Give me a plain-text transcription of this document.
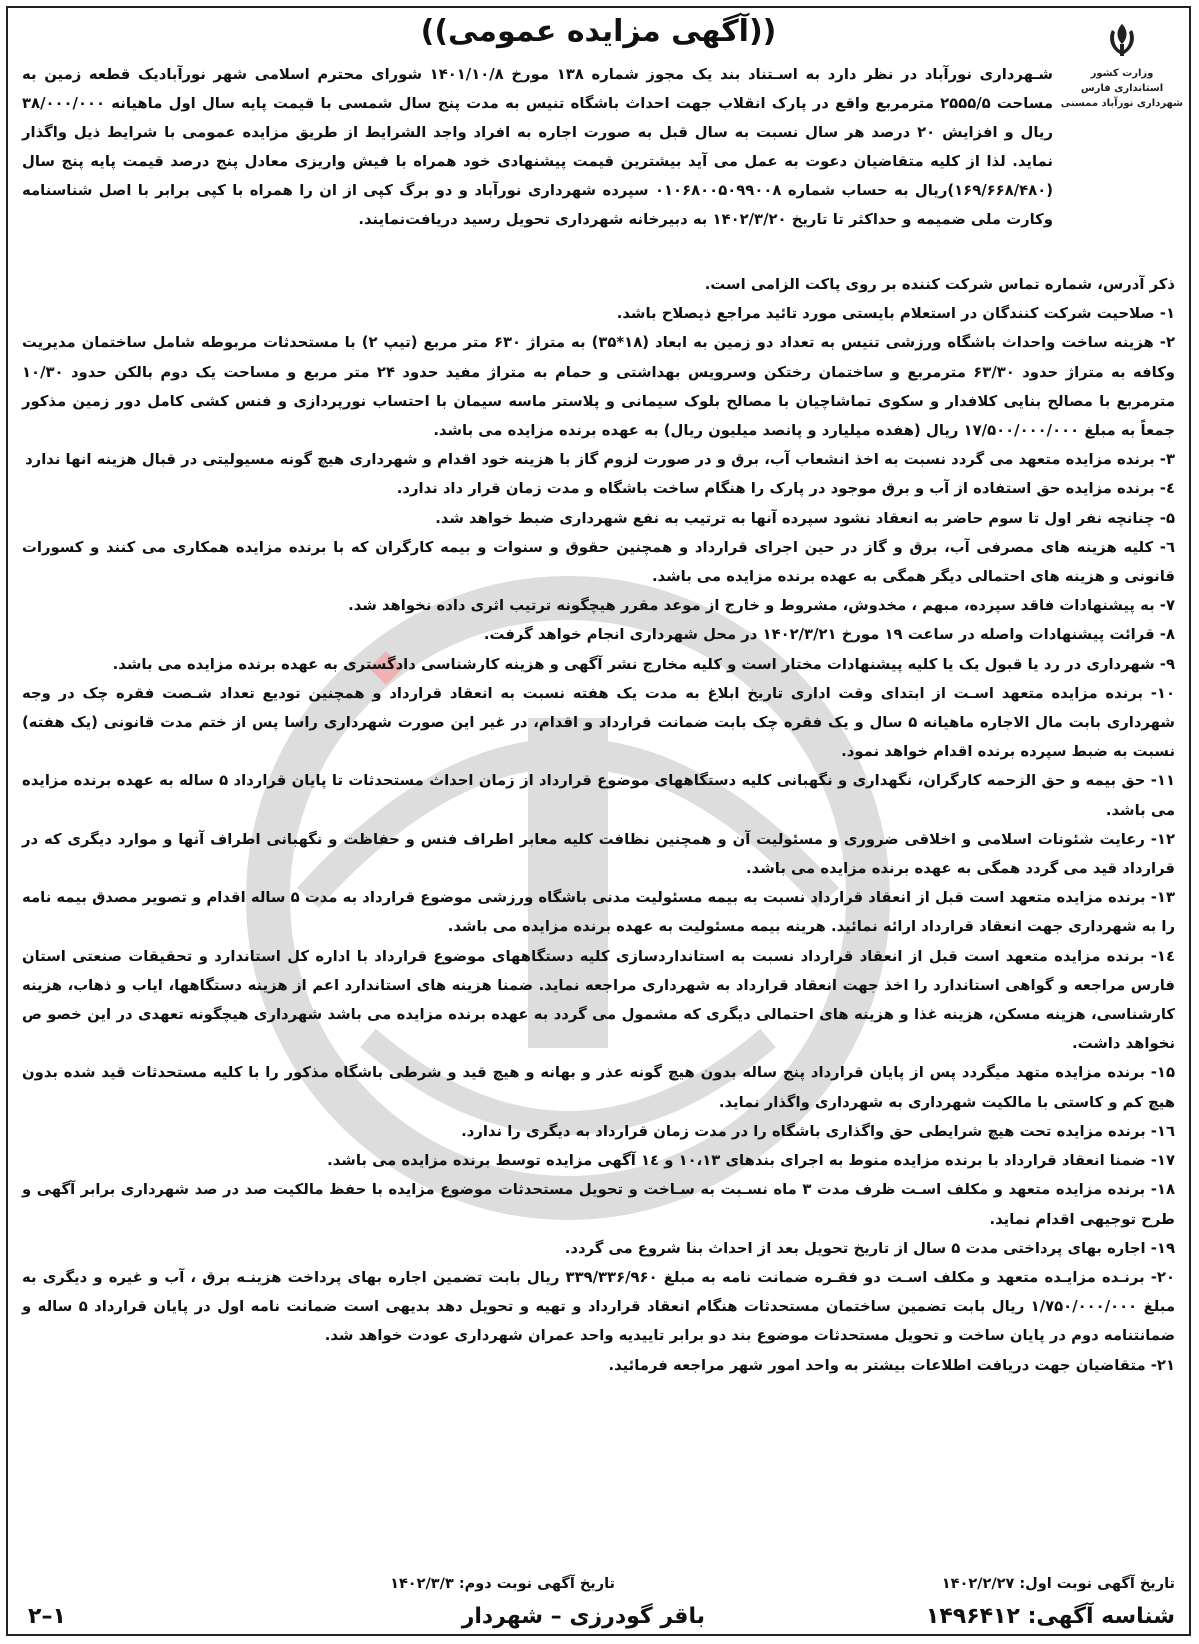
وزارت کشور
استانداری فارس
شهرداری نورآباد ممسنی
((آگهی مزایده عمومی))

شـهرداری نورآباد در نظر دارد به اسـتناد بند یک مجوز شماره ۱۳۸ مورخ ۱۴۰۱/۱۰/۸ شورای محترم اسلامی شهر نورآبادیک قطعه زمین به مساحت ۲۵۵۵/۵ مترمربع واقع در پارک انقلاب جهت احداث باشگاه تنیس به مدت پنج سال شمسی با قیمت پایه سال اول ماهیانه ۳۸/۰۰۰/۰۰۰ ریال و افزایش ۲۰ درصد هر سال نسبت به سال قبل به صورت اجاره به افراد واجد الشرایط از طریق مزایده عمومی با شرایط ذیل واگذار نماید. لذا از کلیه متقاضیان دعوت به عمل می آید بیشترین قیمت پیشنهادی خود همراه با فیش واریزی معادل پنج درصد قیمت پایه پنج سال (۱۶۹/۶۶۸/۴۸۰)ریال به حساب شماره ۰۱۰۶۸۰۰۵۰۹۹۰۰۸ سپرده شهرداری نورآباد و دو برگ کپی از ان را همراه با کپی برابر با اصل شناسنامه وکارت ملی ضمیمه و حداکثر تا تاریخ ۱۴۰۲/۳/۲۰ به دبیرخانه شهرداری تحویل رسید دریافت‌نمایند.

ذکر آدرس، شماره تماس شرکت کننده بر روی پاکت الزامی است.

۱- صلاحیت شرکت کنندگان در استعلام بایستی مورد تائید مراجع ذیصلاح باشد.

۲- هزینه ساخت واحداث باشگاه ورزشی تنیس به تعداد دو زمین به ابعاد (۱۸*۳۵) به متراژ ۶۳۰ متر مربع (تیپ ۲) با مستحدثات مربوطه شامل ساختمان مدیریت وکافه به متراژ حدود ۶۳/۳۰ مترمربع و ساختمان رختکن وسرویس بهداشتی و حمام به متراژ مفید حدود ۲۴ متر مربع و مساحت یک دوم بالکن حدود ۱۰/۳۰ مترمربع با مصالح بنایی کلافدار و سکوی تماشاچیان با مصالح بلوک سیمانی و پلاستر ماسه سیمان با احتساب نورپردازی و فنس کشی کامل دور زمین مذکور جمعاً به مبلغ ۱۷/۵۰۰/۰۰۰/۰۰۰ ریال (هفده میلیارد و پانصد میلیون ریال) به عهده برنده مزایده می باشد.

۳- برنده مزایده متعهد می گردد نسبت به اخذ انشعاب آب، برق و در صورت لزوم گاز با هزینه خود اقدام و شهرداری هیچ گونه مسیولیتی در قبال هزینه انها ندارد

٤- برنده مزایده حق استفاده از آب و برق موجود در پارک را هنگام ساخت باشگاه و مدت زمان قرار داد ندارد.

۵- چنانچه نفر اول تا سوم حاضر به انعقاد نشود سپرده آنها به ترتیب به نفع شهرداری ضبط خواهد شد.

٦- کلیه هزینه های مصرفی آب، برق و گاز در حین اجرای قرارداد و همچنین حقوق و سنوات و بیمه کارگران که با برنده مزایده همکاری می کنند و کسورات قانونی و هزینه های احتمالی دیگر همگی به عهده برنده مزایده می باشد.

۷- به پیشنهادات فاقد سپرده، مبهم ، مخدوش، مشروط و خارج از موعد مقرر هیچگونه ترتیب اثری داده نخواهد شد.

۸- قرائت پیشنهادات واصله در ساعت ۱۹ مورخ ۱۴۰۲/۳/۲۱ در محل شهرداری انجام خواهد گرفت.

۹- شهرداری در رد یا قبول یک یا کلیه پیشنهادات مختار است و کلیه مخارج نشر آگهی و هزینه کارشناسی دادگستری به عهده برنده مزایده می باشد.

۱۰- برنده مزایده متعهد اسـت از ابتدای وقت اداری تاریخ ابلاغ به مدت یک هفته نسبت به انعقاد قرارداد و همچنین توديع تعداد شـصت فقره چک در وجه شهرداری بابت مال الاجاره ماهیانه ۵ سال و یک فقره چک بابت ضمانت قرارداد و اقدام، در غیر این صورت شهرداری راسا پس از ختم مدت قانونی (یک هفته) نسبت به ضبط سپرده برنده اقدام خواهد نمود.

۱۱- حق بیمه و حق الزحمه کارگران، نگهداری و نگهبانی کلیه دستگاههای موضوع قرارداد از زمان احداث مستحدثات تا پایان قرارداد ۵ ساله به عهده برنده مزایده می باشد.

۱۲- رعایت شئونات اسلامی و اخلاقی ضروری و مسئولیت آن و همچنین نظافت کلیه معابر اطراف فنس و حفاظت و نگهبانی اطراف آنها و موارد دیگری که در قرارداد قید می گردد همگی به عهده برنده مزایده می باشد.

۱۳- برنده مزایده متعهد است قبل از انعقاد قرارداد نسبت به بیمه مسئولیت مدنی باشگاه ورزشی موضوع قرارداد به مدت ۵ ساله اقدام و تصویر مصدق بیمه نامه را به شهرداری جهت انعقاد قرارداد ارائه نمائید. هرینه بیمه مسئولیت به عهده برنده مزایده می باشد.

١٤- برنده مزایده متعهد است قبل از انعقاد قرارداد نسبت به استانداردسازی کلیه دستگاههای موضوع قرارداد با اداره کل استاندارد و تحقیقات صنعتی استان فارس مراجعه و گواهی استاندارد را اخذ جهت انعقاد قرارداد به شهرداری مراجعه نماید. ضمنا هزینه های استاندارد اعم از هزینه دستگاهها، ایاب و ذهاب، هزینه کارشناسی، هزینه مسکن، هزینه غذا و هزینه های احتمالی دیگری که مشمول می گردد به عهده برنده مزایده می باشد شهرداری هیچگونه تعهدی در این خصو ص نخواهد داشت.

۱۵- برنده مزایده متهد میگردد پس از پایان قرارداد پنج ساله بدون هیچ گونه عذر و بهانه و هیچ قید و شرطی باشگاه مذکور را با کلیه مستحدثات قید شده بدون هیچ کم و کاستی با مالکیت شهرداری به شهرداری واگذار نماید.

۱٦- برنده مزایده تحت هیچ شرایطی حق واگذاری باشگاه را در مدت زمان قرارداد به دیگری را ندارد.

۱۷- ضمنا انعقاد قرارداد با برنده مزایده منوط به اجرای بندهای ۱۰،۱۳ و ١٤ آگهی مزایده توسط برنده مزایده می باشد.

۱۸- برنده مزایده متعهد و مکلف اسـت ظرف مدت ۳ ماه نسـبت به سـاخت و تحویل مستحدثات موضوع مزایده با حفظ مالکیت صد در صد شهرداری برابر آگهی و طرح توجیهی اقدام نماید.

۱۹- اجاره بهای پرداختی مدت ۵ سال از تاریخ تحویل بعد از احداث بنا شروع می گردد.

۲۰- برنـده مزایـده متعهد و مکلف اسـت دو فقـره ضمانت نامه به مبلغ ۳۳۹/۳۳۶/۹۶۰ ریال بابت تضمین اجاره بهای پرداخت هزینـه برق ، آب و غیره و دیگری به مبلغ ۱/۷۵۰/۰۰۰/۰۰۰ ریال بابت تضمین ساختمان مستحدثات هنگام انعقاد قرارداد و تهیه و تحویل دهد بدیهی است ضمانت نامه اول در پایان قرارداد ۵ ساله و ضمانتنامه دوم در پایان ساخت و تحویل مستحدثات موضوع بند دو برابر تاییدیه واحد عمران شهرداری عودت خواهد شد.

۲۱- متقاضیان جهت دریافت اطلاعات بیشتر به واحد امور شهر مراجعه فرمائید.

تاریخ آگهی نوبت اول: ۱۴۰۲/۲/۲۷
تاریخ آگهی نوبت دوم: ۱۴۰۲/۳/۳
شناسه آگهی: ۱۴۹۶۴۱۲
باقر گودرزی – شهردار
۱–۲
